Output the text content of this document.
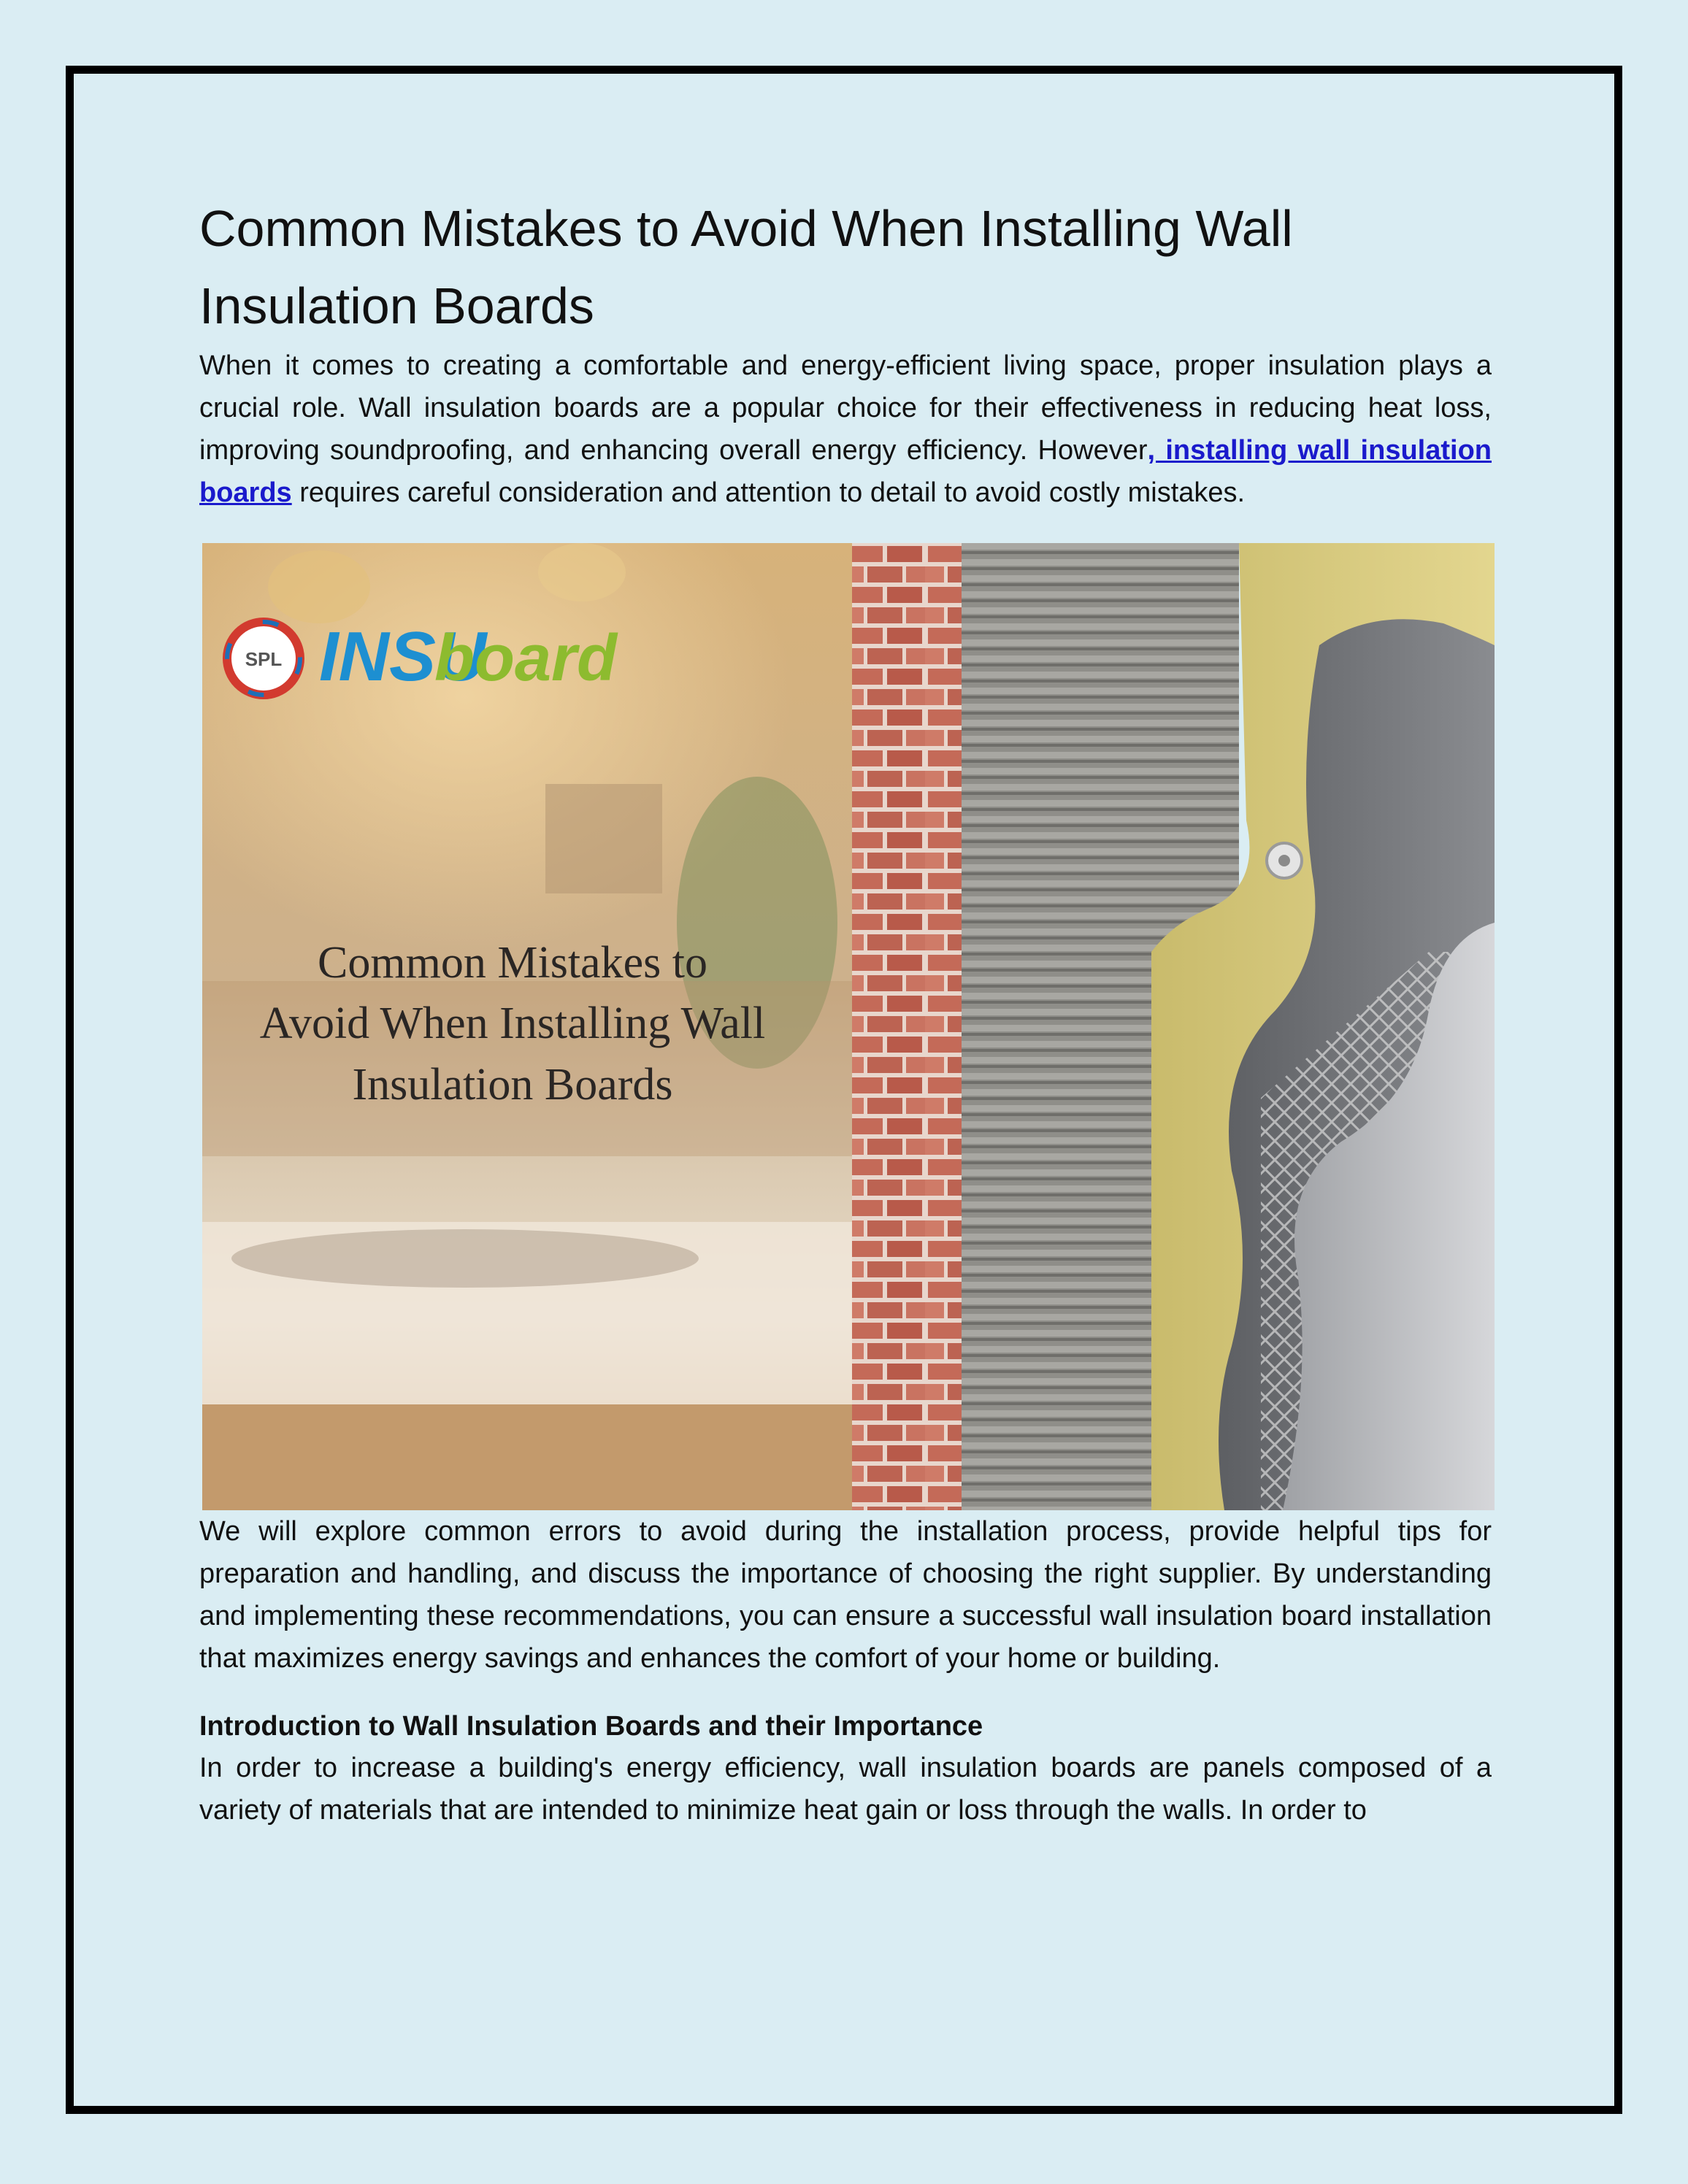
Common Mistakes to Avoid When Installing Wall Insulation Boards

When it comes to creating a comfortable and energy-efficient living space, proper insulation plays a crucial role. Wall insulation boards are a popular choice for their effectiveness in reducing heat loss, improving soundproofing, and enhancing overall energy efficiency. However, installing wall insulation boards requires careful consideration and attention to detail to avoid costly mistakes.

SPL INSU
board
Common Mistakes to
Avoid When Installing Wall
Insulation Boards

We will explore common errors to avoid during the installation process, provide helpful tips for preparation and handling, and discuss the importance of choosing the right supplier. By understanding and implementing these recommendations, you can ensure a successful wall insulation board installation that maximizes energy savings and enhances the comfort of your home or building.

Introduction to Wall Insulation Boards and their Importance

In order to increase a building's energy efficiency, wall insulation boards are panels composed of a variety of materials that are intended to minimize heat gain or loss through the walls. In order to
